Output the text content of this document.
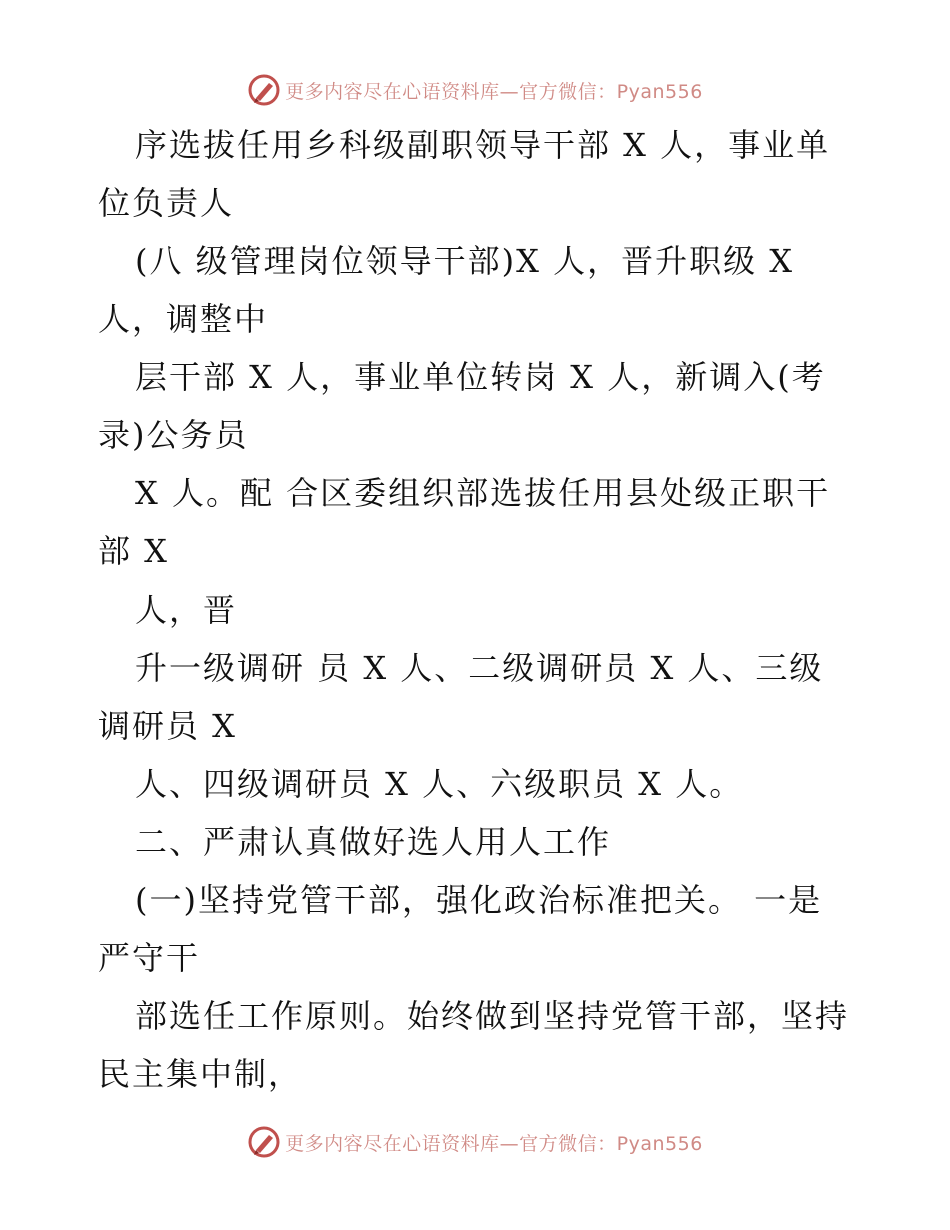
更多内容尽在心语资料库—官方微信：Pyan556
序选拔任用乡科级副职领导干部 X 人，事业单
位负责人
(八 级管理岗位领导干部)X 人，晋升职级 X
人，调整中
层干部 X 人，事业单位转岗 X 人，新调入(考
录)公务员
X 人。配 合区委组织部选拔任用县处级正职干
部 X
人，晋
升一级调研 员 X 人、二级调研员 X 人、三级
调研员 X
人、四级调研员 X 人、六级职员 X 人。
二、严肃认真做好选人用人工作
(一)坚持党管干部，强化政治标准把关。 一是
严守干
部选任工作原则。始终做到坚持党管干部，坚持
民主集中制，
更多内容尽在心语资料库—官方微信：Pyan556
